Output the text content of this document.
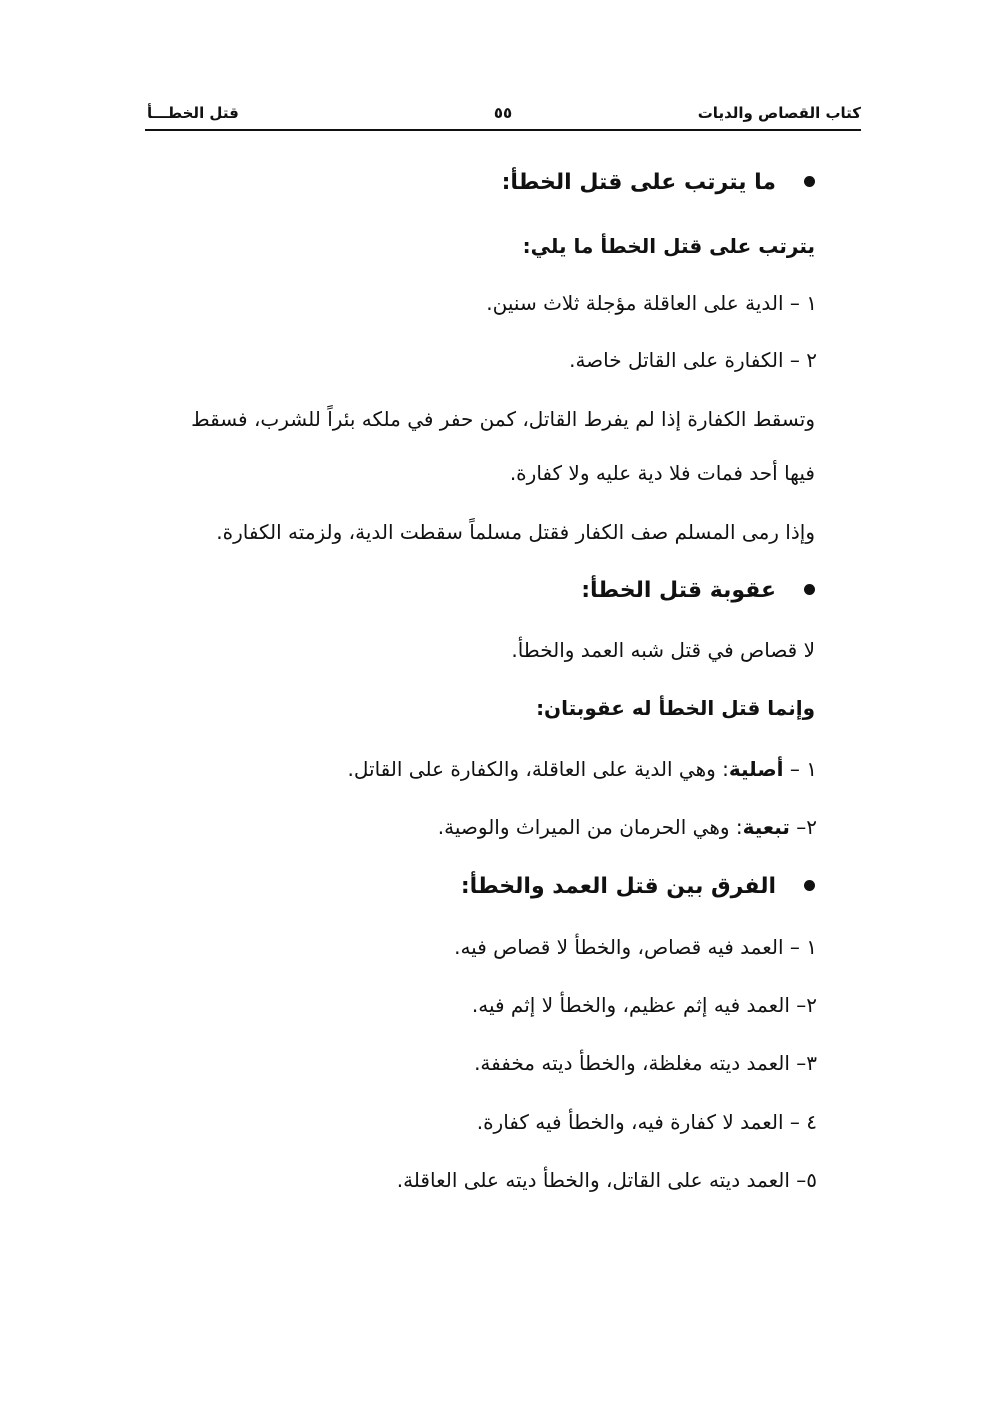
كتاب القصاص والديات
٥٥
قتل الخطـــأ
ما يترتب على قتل الخطأ:
يترتب على قتل الخطأ ما يلي:
١ – الدية على العاقلة مؤجلة ثلاث سنين.
٢ – الكفارة على القاتل خاصة.
وتسقط الكفارة إذا لم يفرط القاتل، كمن حفر في ملكه بئراً للشرب، فسقط
فيها أحد فمات فلا دية عليه ولا كفارة.
وإذا رمى المسلم صف الكفار فقتل مسلماً سقطت الدية، ولزمته الكفارة.
عقوبة قتل الخطأ:
لا قصاص في قتل شبه العمد والخطأ.
وإنما قتل الخطأ له عقوبتان:
١ – أصلية: وهي الدية على العاقلة، والكفارة على القاتل.
٢– تبعية: وهي الحرمان من الميراث والوصية.
الفرق بين قتل العمد والخطأ:
١ – العمد فيه قصاص، والخطأ لا قصاص فيه.
٢– العمد فيه إثم عظيم، والخطأ لا إثم فيه.
٣– العمد ديته مغلظة، والخطأ ديته مخففة.
٤ – العمد لا كفارة فيه، والخطأ فيه كفارة.
٥– العمد ديته على القاتل، والخطأ ديته على العاقلة.
